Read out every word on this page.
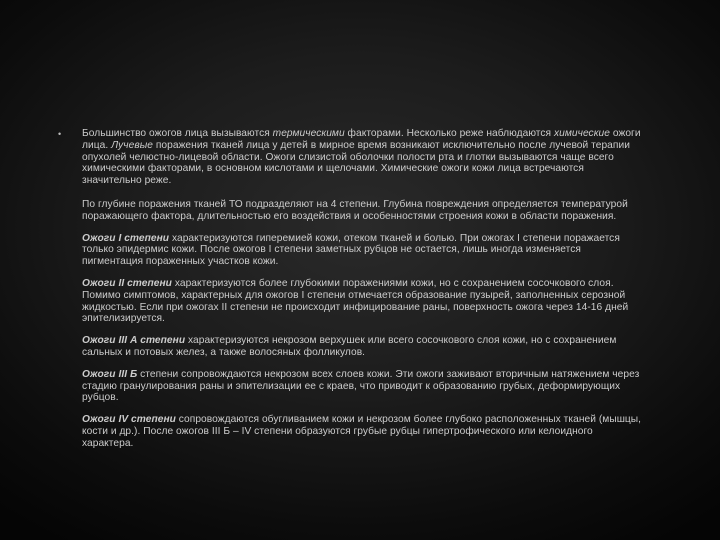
• Большинство ожогов лица вызываются термическими факторами. Несколько реже наблюдаются химические ожоги лица. Лучевые поражения тканей лица у детей в мирное время возникают исключительно после лучевой терапии опухолей челюстно-лицевой области. Ожоги слизистой оболочки полости рта и глотки вызываются чаще всего химическими факторами, в основном кислотами и щелочами. Химические ожоги кожи лица встречаются значительно реже.

По глубине поражения тканей ТО подразделяют на 4 степени. Глубина повреждения определяется температурой поражающего фактора, длительностью его воздействия и особенностями строения кожи в области поражения.

Ожоги I степени характеризуются гиперемией кожи, отеком тканей и болью. При ожогах I степени поражается только эпидермис кожи. После ожогов I степени заметных рубцов не остается, лишь иногда изменяется пигментация пораженных участков кожи.

Ожоги II степени характеризуются более глубокими поражениями кожи, но с сохранением сосочкового слоя. Помимо симптомов, характерных для ожогов I степени отмечается образование пузырей, заполненных серозной жидкостью. Если при ожогах II степени не происходит инфицирование раны, поверхность ожога через 14-16 дней эпителизируется.

Ожоги III А степени характеризуются некрозом верхушек или всего сосочкового слоя кожи, но с сохранением сальных и потовых желез, а также волосяных фолликулов.

Ожоги III Б степени сопровождаются некрозом всех слоев кожи. Эти ожоги заживают вторичным натяжением через стадию гранулирования раны и эпителизации ее с краев, что приводит к образованию грубых, деформирующих рубцов.

Ожоги IV степени сопровождаются обугливанием кожи и некрозом более глубоко расположенных тканей (мышцы, кости и др.). После ожогов III Б – IV степени образуются грубые рубцы гипертрофического или келоидного характера.
